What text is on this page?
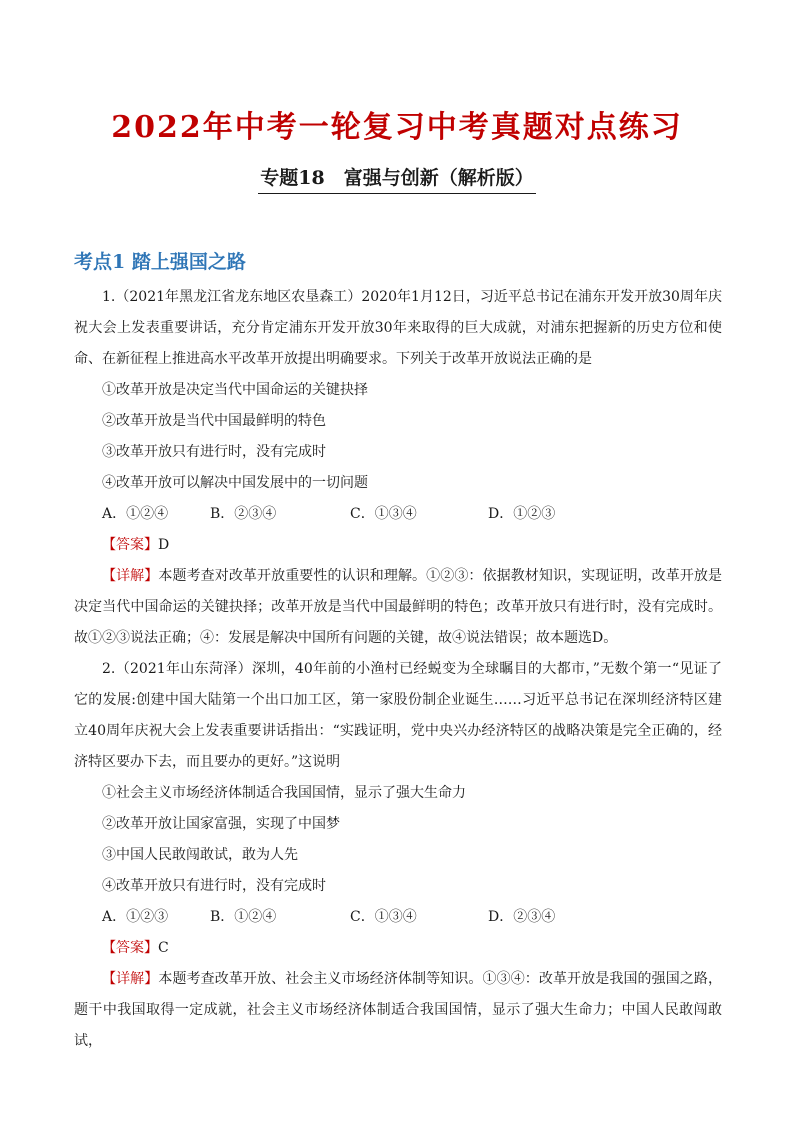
2022年中考一轮复习中考真题对点练习
专题18　富强与创新（解析版）
考点1 踏上强国之路

1.（2021年黑龙江省龙东地区农垦森工）2020年1月12日，习近平总书记在浦东开发开放30周年庆祝大会上发表重要讲话，充分肯定浦东开发开放30年来取得的巨大成就，对浦东把握新的历史方位和使命、在新征程上推进高水平改革开放提出明确要求。下列关于改革开放说法正确的是

①改革开放是决定当代中国命运的关键抉择

②改革开放是当代中国最鲜明的特色

③改革开放只有进行时，没有完成时

④改革开放可以解决中国发展中的一切问题

A．①②④	B．②③④	C．①③④	D．①②③

【答案】D

【详解】本题考查对改革开放重要性的认识和理解。①②③：依据教材知识，实现证明，改革开放是决定当代中国命运的关键抉择；改革开放是当代中国最鲜明的特色；改革开放只有进行时，没有完成时。故①②③说法正确；④：发展是解决中国所有问题的关键，故④说法错误；故本题选D。

2.（2021年山东菏泽）深圳，40年前的小渔村已经蜕变为全球瞩目的大都市，”无数个第一“见证了它的发展:创建中国大陆第一个出口加工区，第一家股份制企业诞生……习近平总书记在深圳经济特区建立40周年庆祝大会上发表重要讲话指出：“实践证明，党中央兴办经济特区的战略决策是完全正确的，经济特区要办下去，而且要办的更好。”这说明

①社会主义市场经济体制适合我国国情，显示了强大生命力

②改革开放让国家富强，实现了中国梦

③中国人民敢闯敢试，敢为人先

④改革开放只有进行时，没有完成时

A．①②③	B．①②④	C．①③④	D．②③④

【答案】C

【详解】本题考查改革开放、社会主义市场经济体制等知识。①③④：改革开放是我国的强国之路，题干中我国取得一定成就，社会主义市场经济体制适合我国国情，显示了强大生命力；中国人民敢闯敢试，
